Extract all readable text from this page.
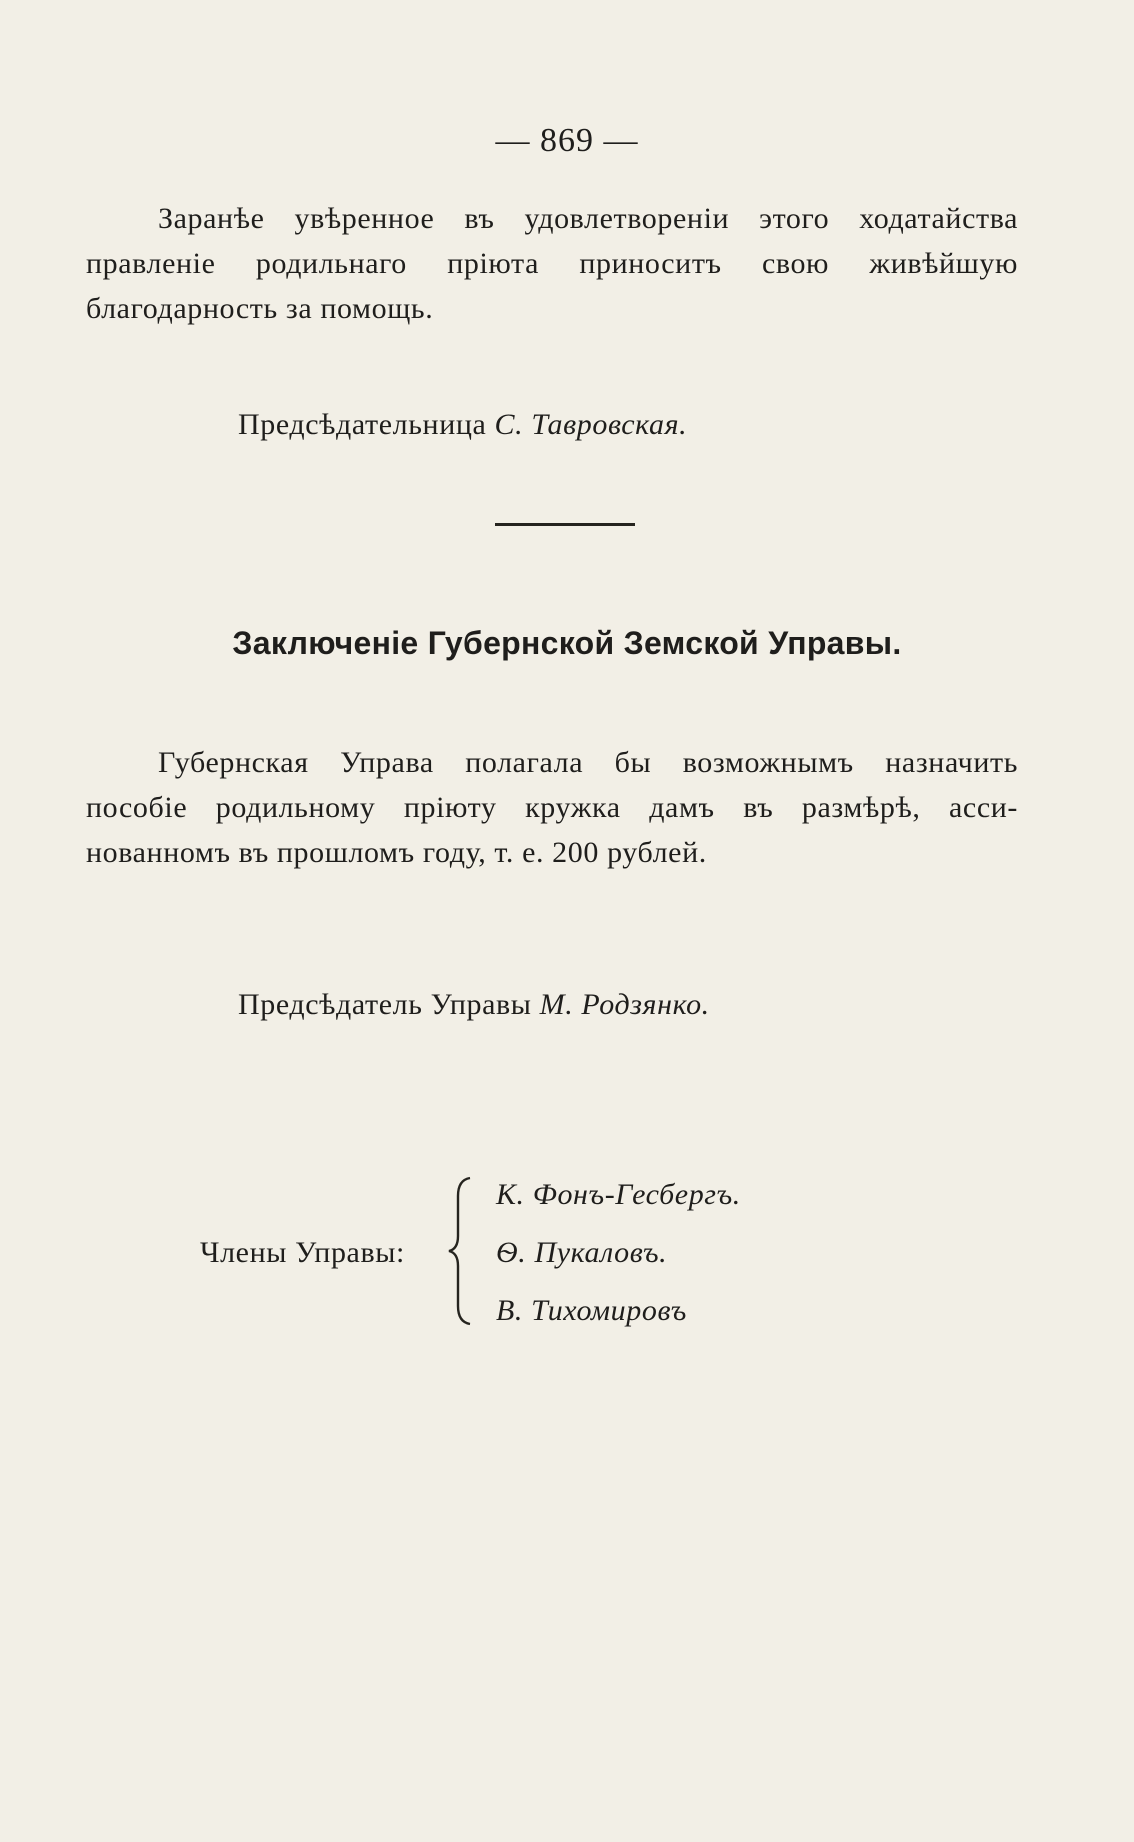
— 869 —
Заранѣе увѣренное въ удовлетвореніи этого ходатайства
правленіе родильнаго пріюта приноситъ свою живѣйшую
благодарность за помощь.
Предсѣдательница С. Тавровская.
Заключеніе Губернской Земской Управы.
Губернская Управа полагала бы возможнымъ назначить
пособіе родильному пріюту кружка дамъ въ размѣрѣ, асси-
нованномъ въ прошломъ году, т. е. 200 рублей.
Предсѣдатель Управы М. Родзянко.
Члены Управы:
К. Фонъ-Гесбергъ.
Ѳ. Пукаловъ.
В. Тихомировъ
